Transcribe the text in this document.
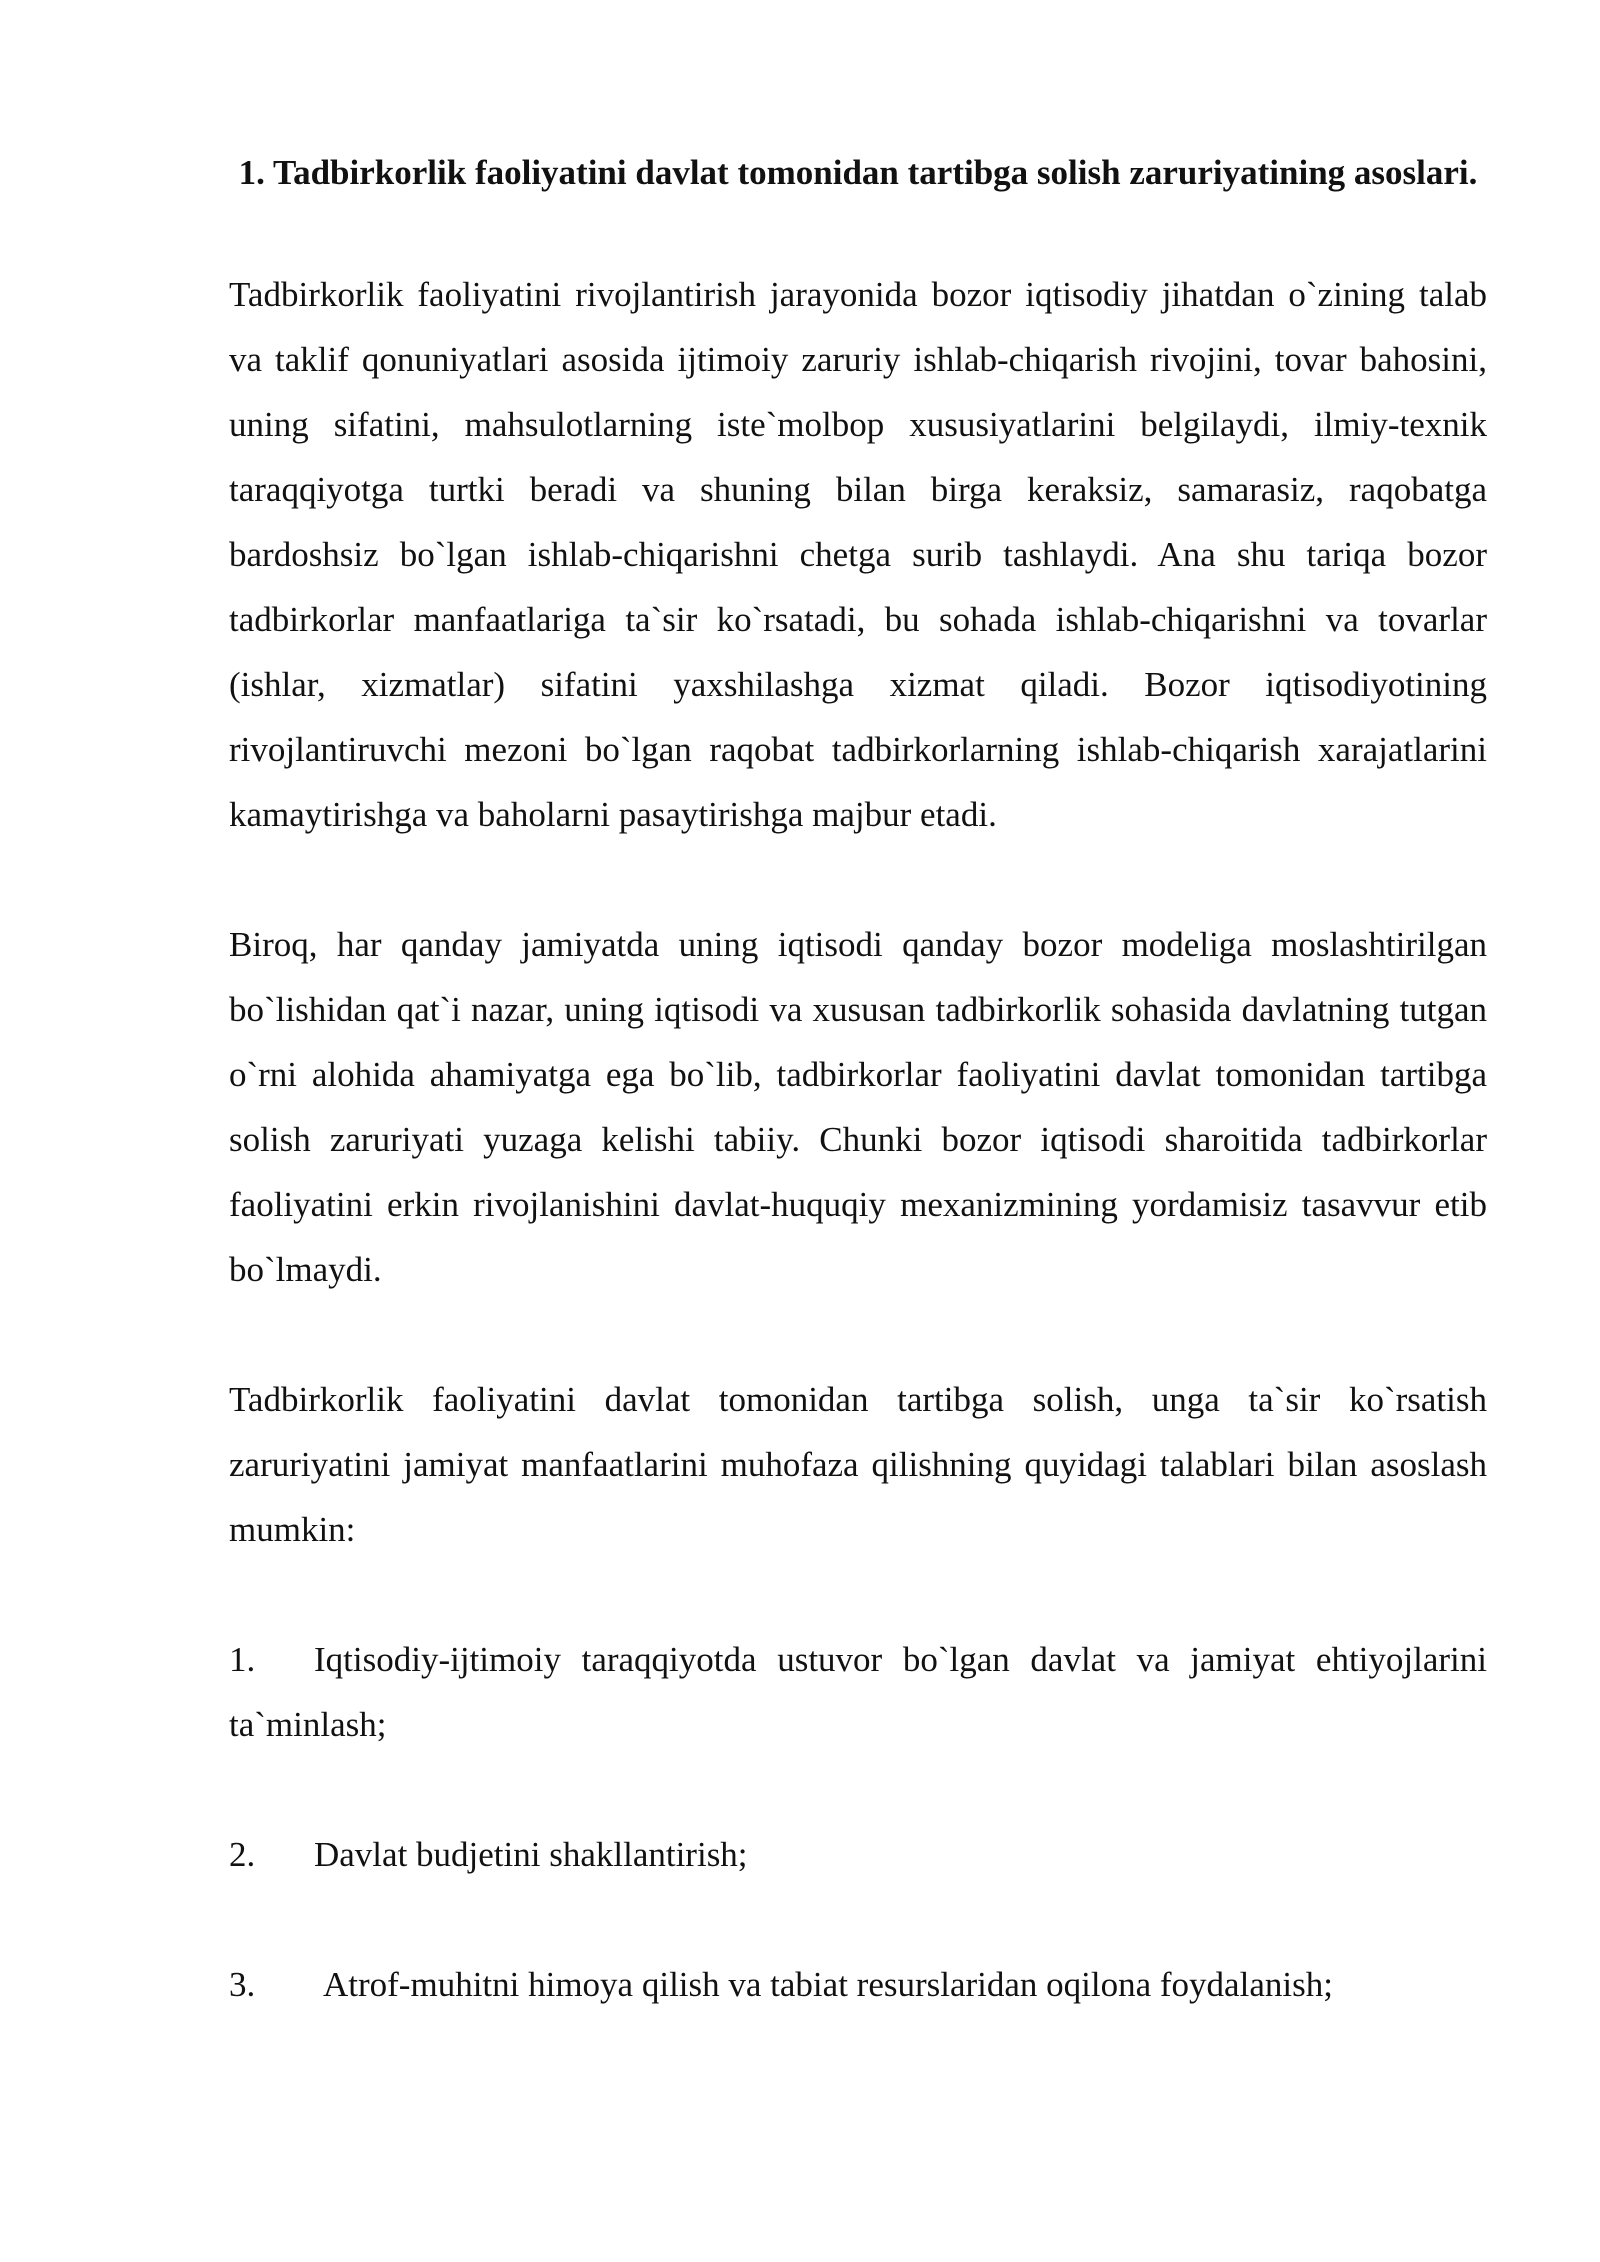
1. Tadbirkorlik faoliyatini davlat tomonidan tartibga solish zaruriyatining asoslari.

Tadbirkorlik faoliyatini rivojlantirish jarayonida bozor iqtisodiy jihatdan o`zining talab va taklif qonuniyatlari asosida ijtimoiy zaruriy ishlab-chiqarish rivojini, tovar bahosini, uning sifatini, mahsulotlarning iste`molbop xususiyatlarini belgilaydi, ilmiy-texnik taraqqiyotga turtki beradi va shuning bilan birga keraksiz, samarasiz, raqobatga bardoshsiz bo`lgan ishlab-chiqarishni chetga surib tashlaydi. Ana shu tariqa bozor tadbirkorlar manfaatlariga ta`sir ko`rsatadi, bu sohada ishlab-chiqarishni va tovarlar (ishlar, xizmatlar) sifatini yaxshilashga xizmat qiladi. Bozor iqtisodiyotining rivojlantiruvchi mezoni bo`lgan raqobat tadbirkorlarning ishlab-chiqarish xarajatlarini kamaytirishga va baholarni pasaytirishga majbur etadi.

Biroq, har qanday jamiyatda uning iqtisodi qanday bozor modeliga moslashtirilgan bo`lishidan qat`i nazar, uning iqtisodi va xususan tadbirkorlik sohasida davlatning tutgan o`rni alohida ahamiyatga ega bo`lib, tadbirkorlar faoliyatini davlat tomonidan tartibga solish zaruriyati yuzaga kelishi tabiiy. Chunki bozor iqtisodi sharoitida tadbirkorlar faoliyatini erkin rivojlanishini davlat-huquqiy mexanizmining yordamisiz tasavvur etib bo`lmaydi.

Tadbirkorlik faoliyatini davlat tomonidan tartibga solish, unga ta`sir ko`rsatish zaruriyatini jamiyat manfaatlarini muhofaza qilishning quyidagi talablari bilan asoslash mumkin:

1. Iqtisodiy-ijtimoiy taraqqiyotda ustuvor bo`lgan davlat va jamiyat ehtiyojlarini ta`minlash;
2. Davlat budjetini shakllantirish;
3. Atrof-muhitni himoya qilish va tabiat resurslaridan oqilona foydalanish;
